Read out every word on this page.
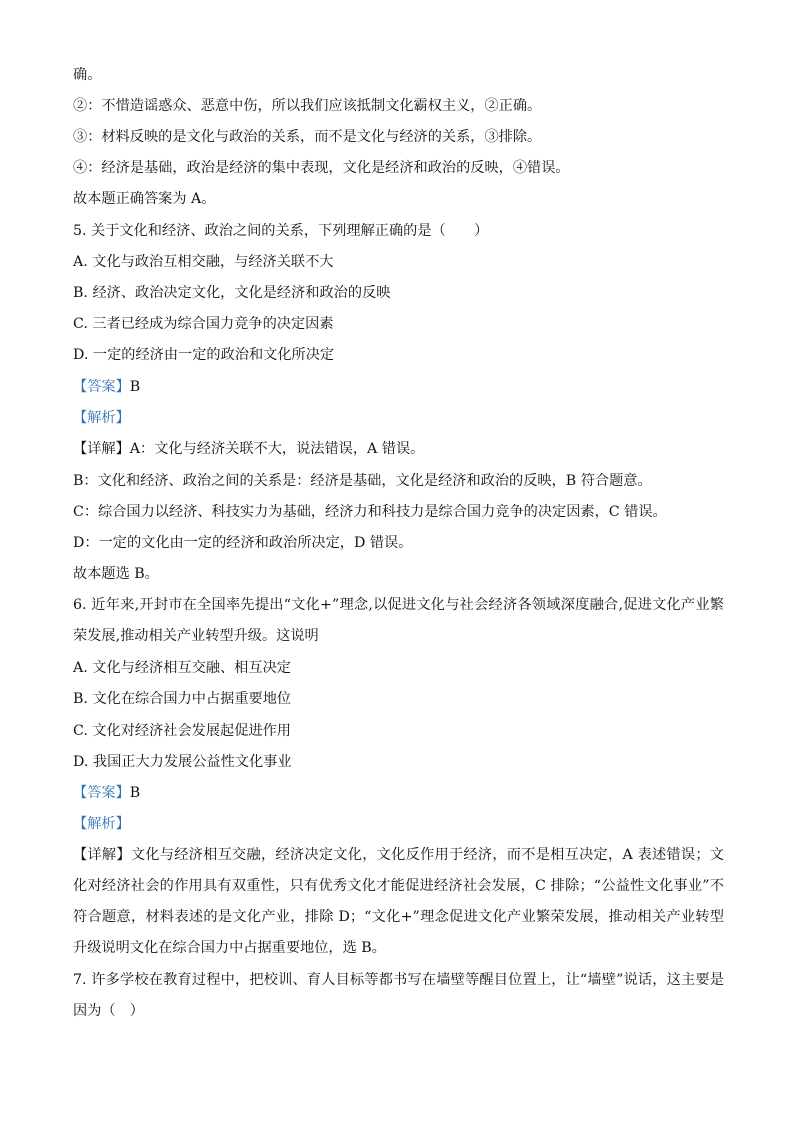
确。
②：不惜造谣惑众、恶意中伤，所以我们应该抵制文化霸权主义，②正确。
③：材料反映的是文化与政治的关系，而不是文化与经济的关系，③排除。
④：经济是基础，政治是经济的集中表现，文化是经济和政治的反映，④错误。
故本题正确答案为 A。
5. 关于文化和经济、政治之间的关系，下列理解正确的是（　　）
A. 文化与政治互相交融，与经济关联不大
B. 经济、政治决定文化，文化是经济和政治的反映
C. 三者已经成为综合国力竞争的决定因素
D. 一定的经济由一定的政治和文化所决定
【答案】B
【解析】
【详解】A：文化与经济关联不大，说法错误，A 错误。
B：文化和经济、政治之间的关系是：经济是基础，文化是经济和政治的反映，B 符合题意。
C：综合国力以经济、科技实力为基础，经济力和科技力是综合国力竞争的决定因素，C 错误。
D：一定的文化由一定的经济和政治所决定，D 错误。
故本题选 B。
6. 近年来,开封市在全国率先提出“文化+”理念,以促进文化与社会经济各领域深度融合,促进文化产业繁荣发展,推动相关产业转型升级。这说明
A. 文化与经济相互交融、相互决定
B. 文化在综合国力中占据重要地位
C. 文化对经济社会发展起促进作用
D. 我国正大力发展公益性文化事业
【答案】B
【解析】
【详解】文化与经济相互交融，经济决定文化，文化反作用于经济，而不是相互决定，A 表述错误；文化对经济社会的作用具有双重性，只有优秀文化才能促进经济社会发展，C 排除；“公益性文化事业”不符合题意，材料表述的是文化产业，排除 D；“文化+”理念促进文化产业繁荣发展，推动相关产业转型升级说明文化在综合国力中占据重要地位，选 B。
7. 许多学校在教育过程中，把校训、育人目标等都书写在墙壁等醒目位置上，让“墙壁”说话，这主要是因为（　）
